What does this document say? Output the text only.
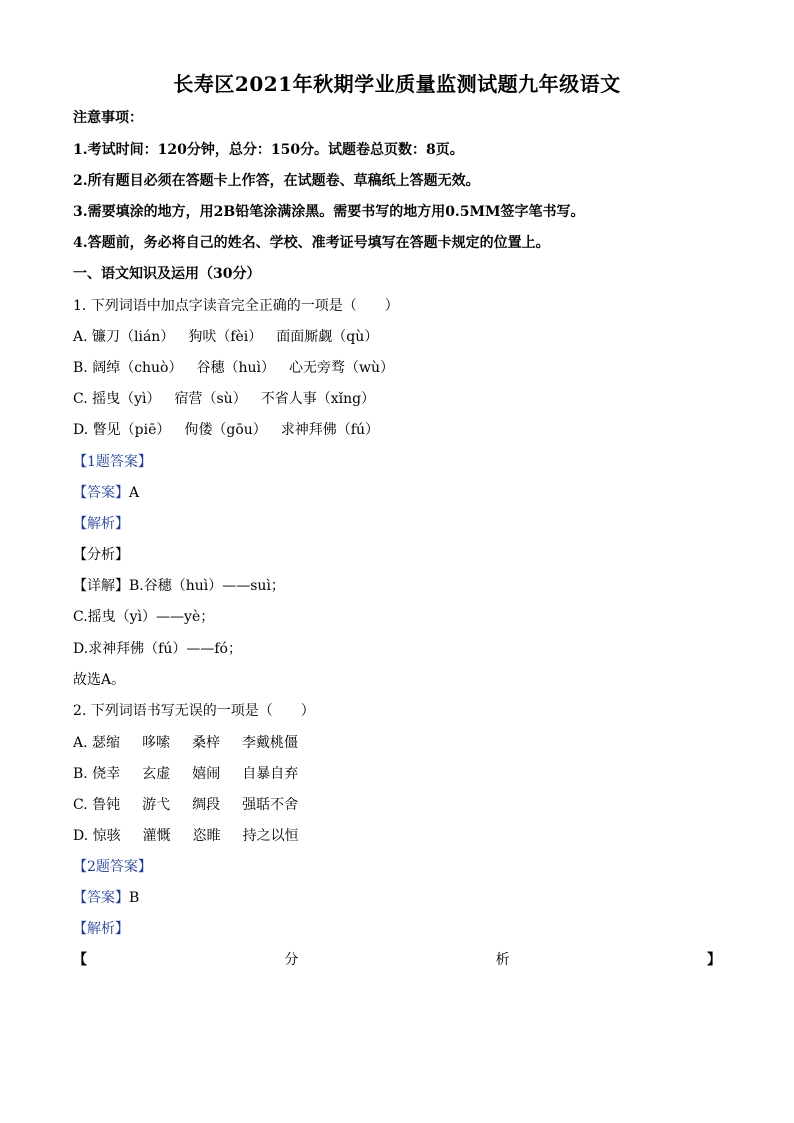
长寿区2021年秋期学业质量监测试题九年级语文
注意事项：
1.考试时间：120分钟，总分：150分。试题卷总页数：8页。
2.所有题目必须在答题卡上作答，在试题卷、草稿纸上答题无效。
3.需要填涂的地方，用2B铅笔涂满涂黑。需要书写的地方用0.5MM签字笔书写。
4.答题前，务必将自己的姓名、学校、准考证号填写在答题卡规定的位置上。
一、语文知识及运用（30分）
1. 下列词语中加点字读音完全正确的一项是（　　）
A. 镰刀（lián） 狗吠（fèi） 面面厮觑（qù）
B. 阔绰（chuò） 谷穗（huì） 心无旁骛（wù）
C. 摇曳（yì） 宿营（sù） 不省人事（xǐng）
D. 瞥见（piē） 佝偻（gōu） 求神拜佛（fú）
【1题答案】
【答案】A
【解析】
【分析】
【详解】B.谷穗（huì）——suì；
C.摇曳（yì）——yè；
D.求神拜佛（fú）——fó；
故选A。
2. 下列词语书写无误的一项是（　　）
A. 瑟缩 哆嗦 桑梓 李戴桃僵
B. 侥幸 玄虚 嬉闹 自暴自弃
C. 鲁钝 游弋 绸段 强聒不舍
D. 惊骇 灌慨 恣睢 持之以恒
【2题答案】
【答案】B
【解析】
【	分	析	】
